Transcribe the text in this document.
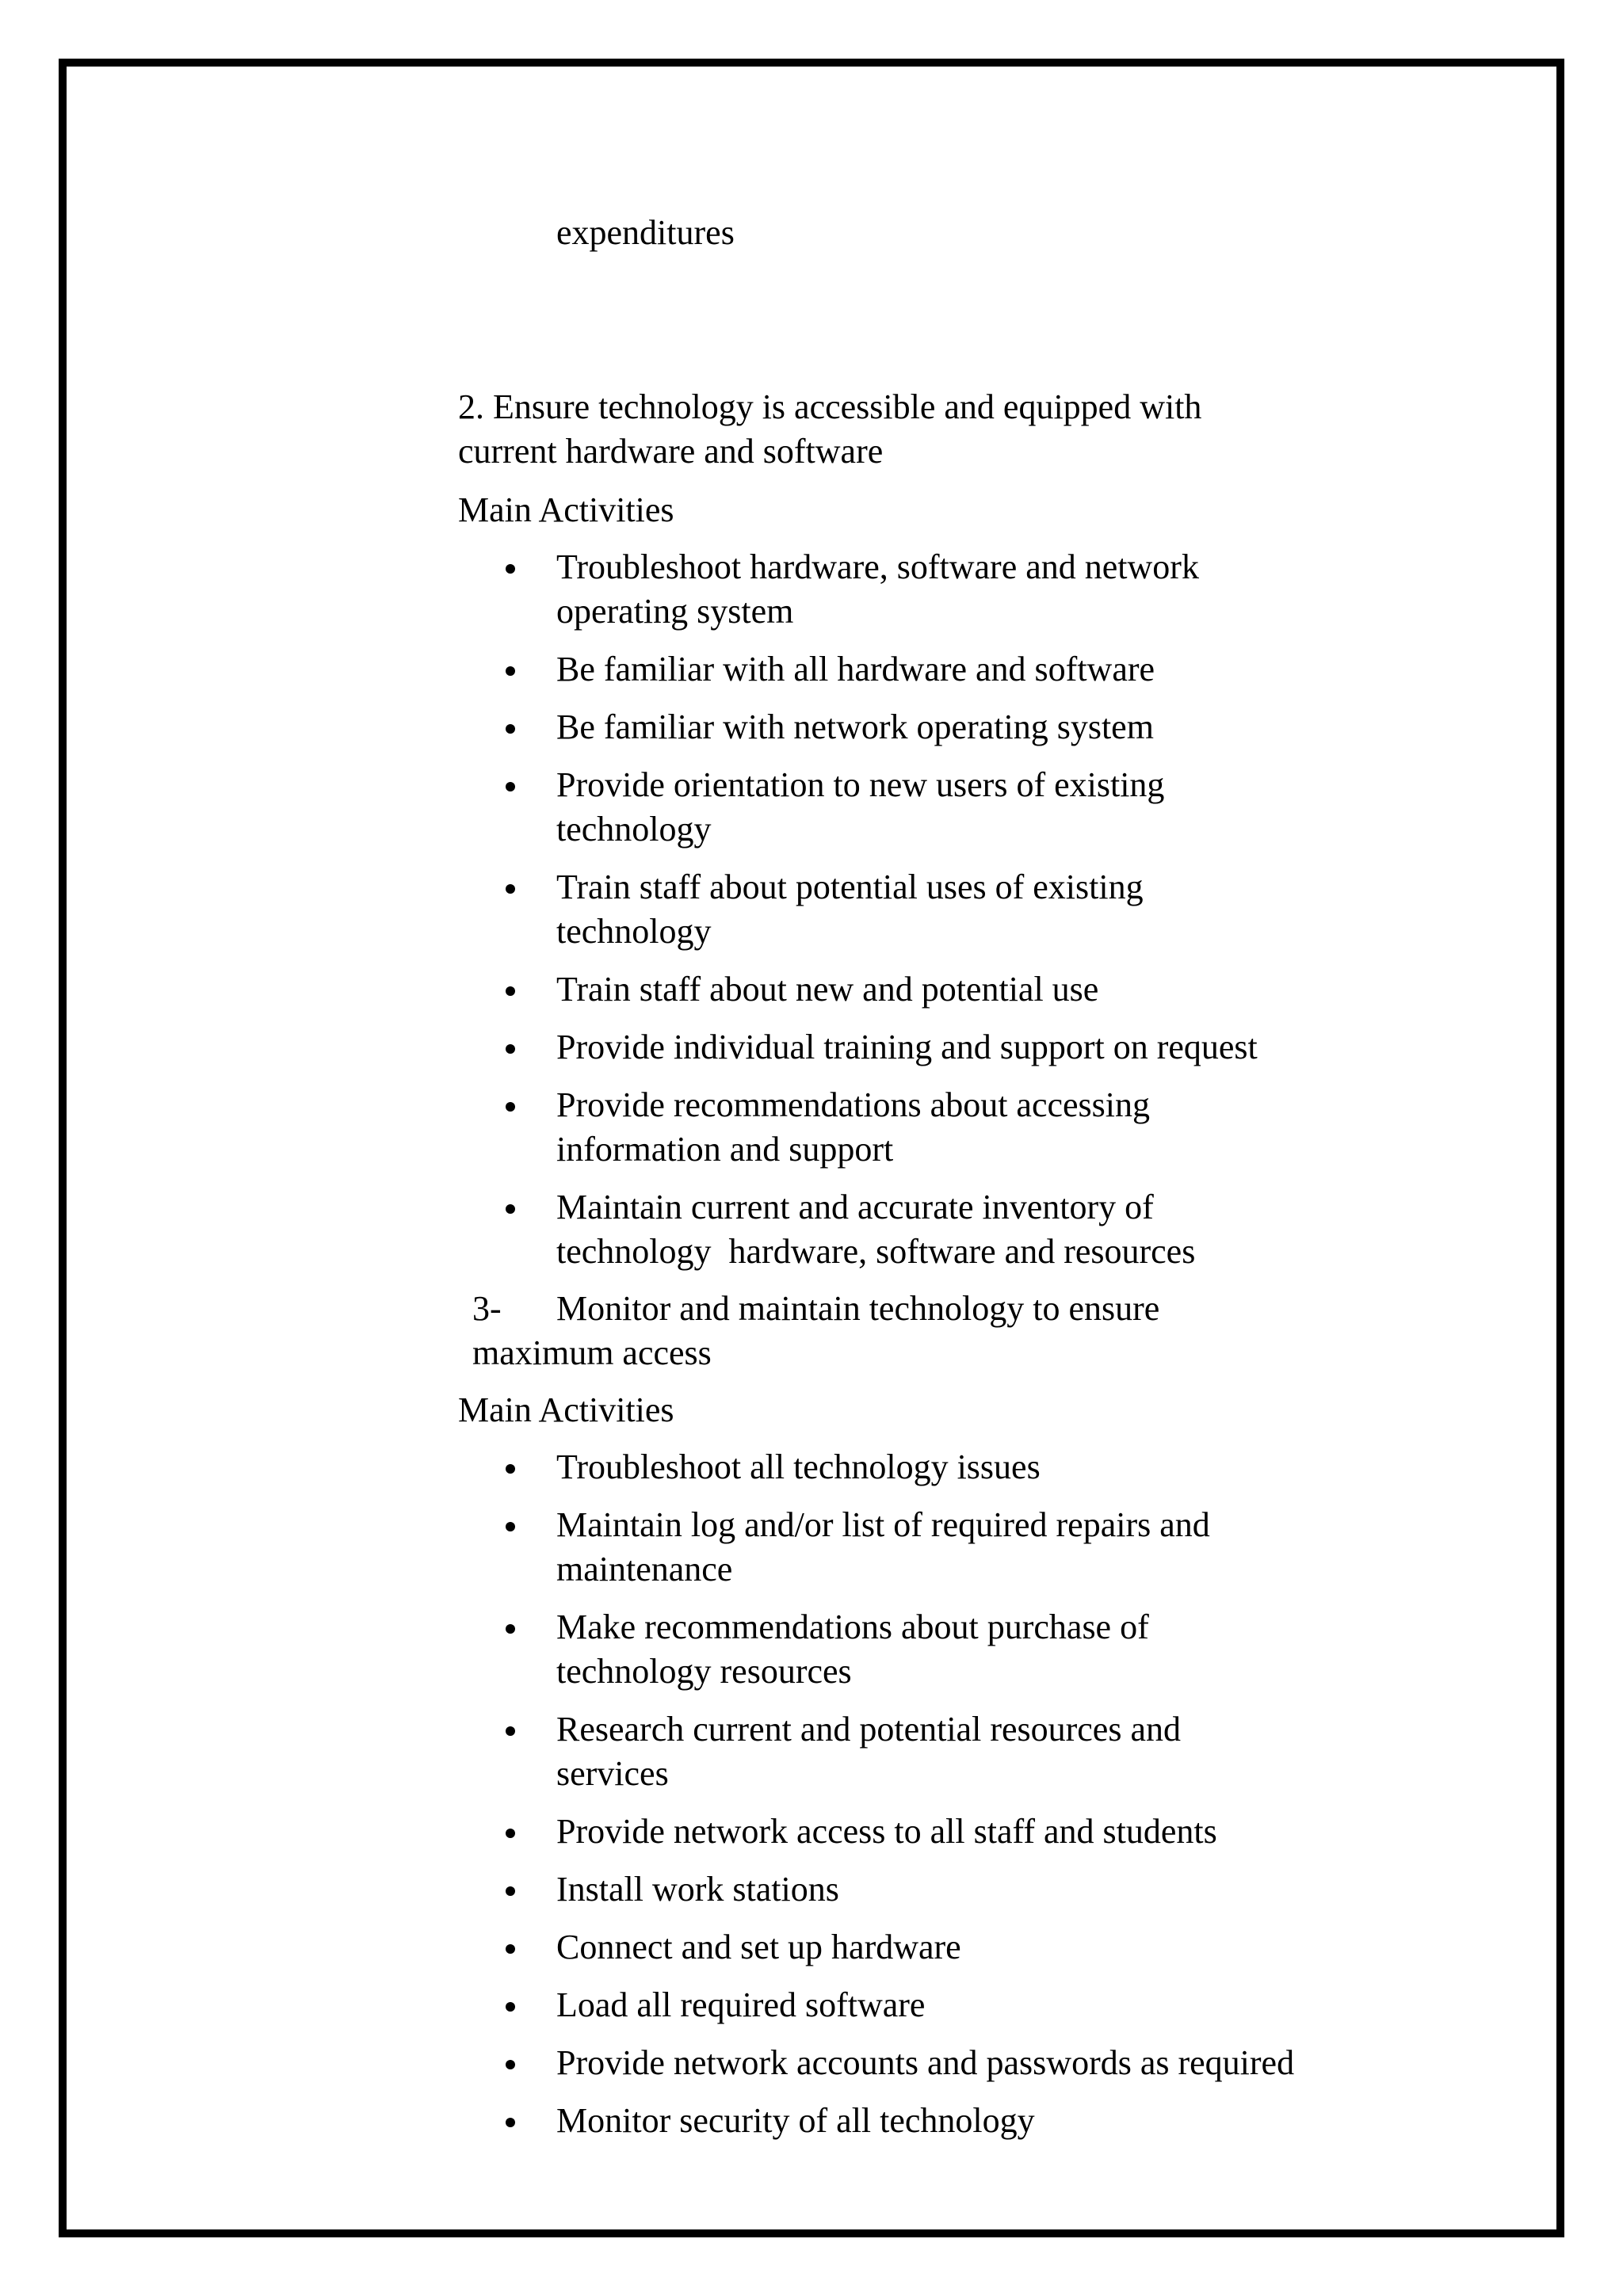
expenditures
2. Ensure technology is accessible and equipped with
current hardware and software
Main Activities
Troubleshoot hardware, software and network
operating system
Be familiar with all hardware and software
Be familiar with network operating system
Provide orientation to new users of existing
technology
Train staff about potential uses of existing
technology
Train staff about new and potential use
Provide individual training and support on request
Provide recommendations about accessing
information and support
Maintain current and accurate inventory of
technology  hardware, software and resources
3- Monitor and maintain technology to ensure
maximum access
Main Activities
Troubleshoot all technology issues
Maintain log and/or list of required repairs and
maintenance
Make recommendations about purchase of
technology resources
Research current and potential resources and
services
Provide network access to all staff and students
Install work stations
Connect and set up hardware
Load all required software
Provide network accounts and passwords as required
Monitor security of all technology
